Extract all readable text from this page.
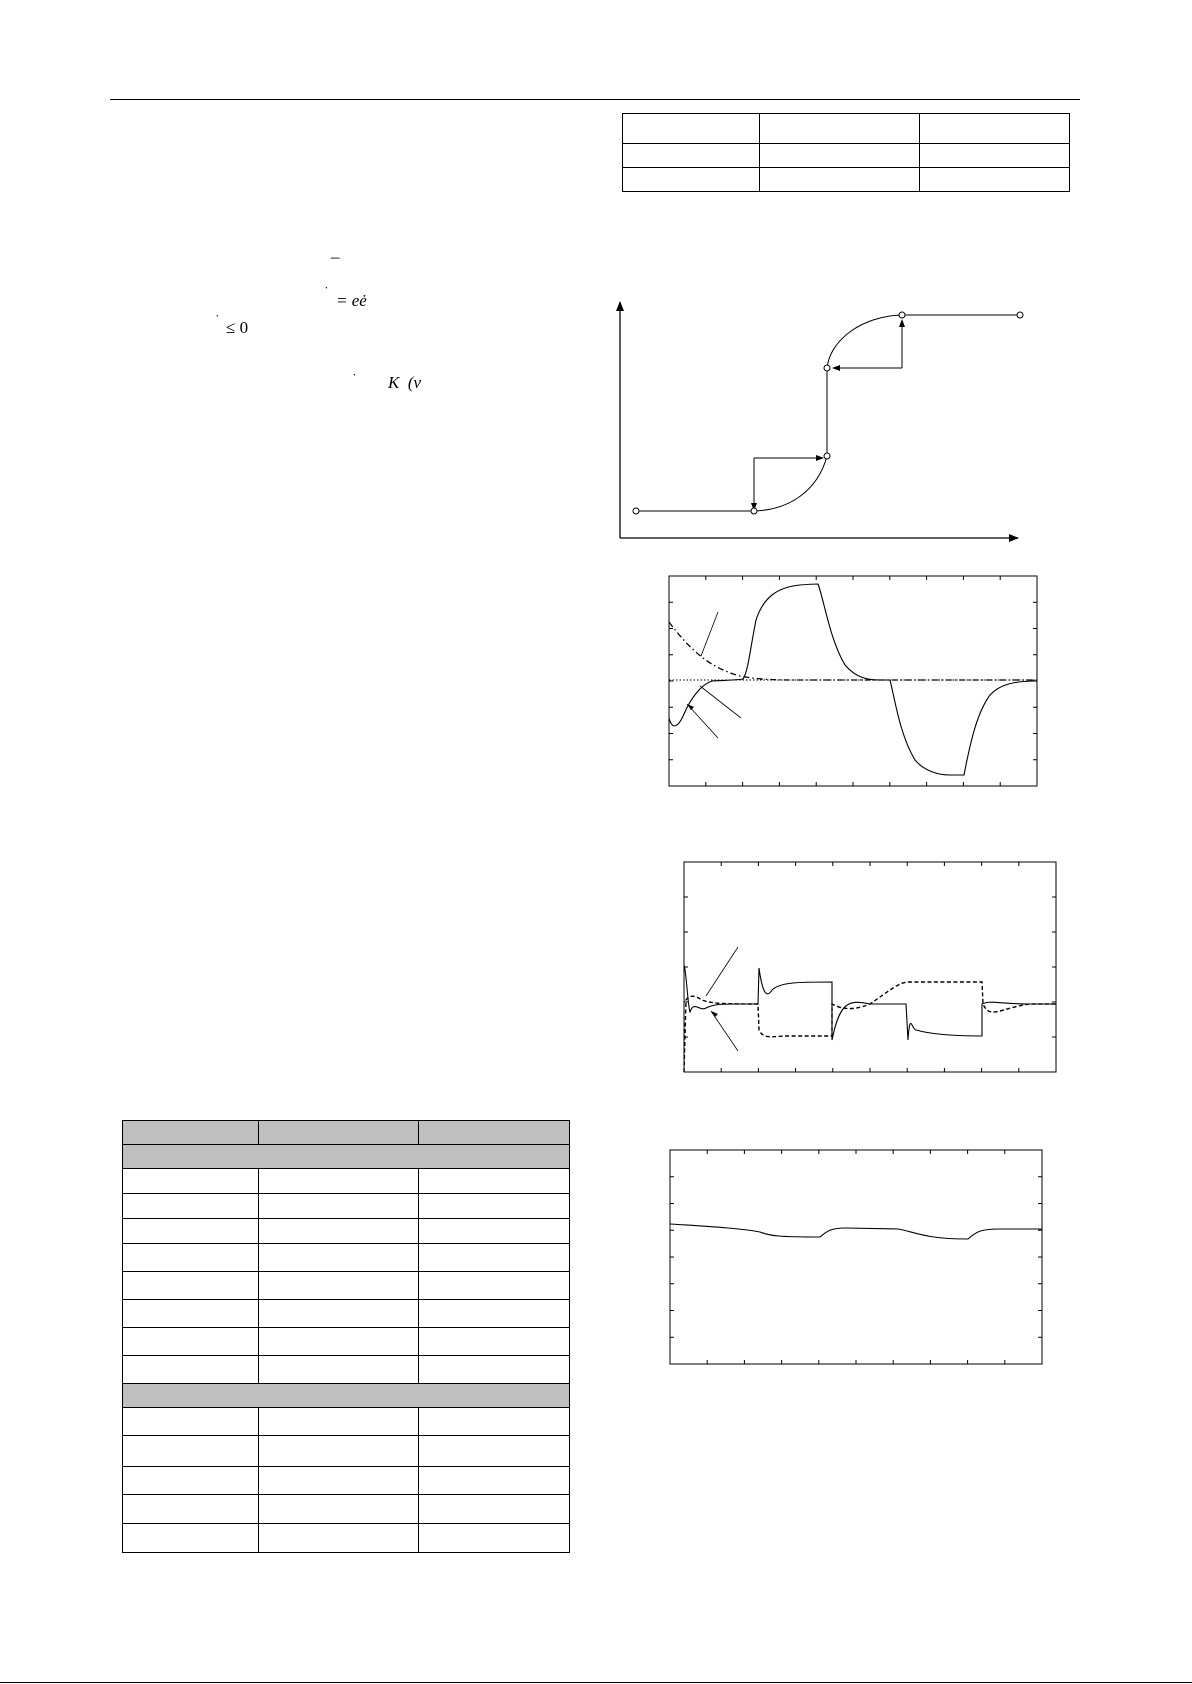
–
˙ = eė
˙ ≤ 0
˙ K  (v
